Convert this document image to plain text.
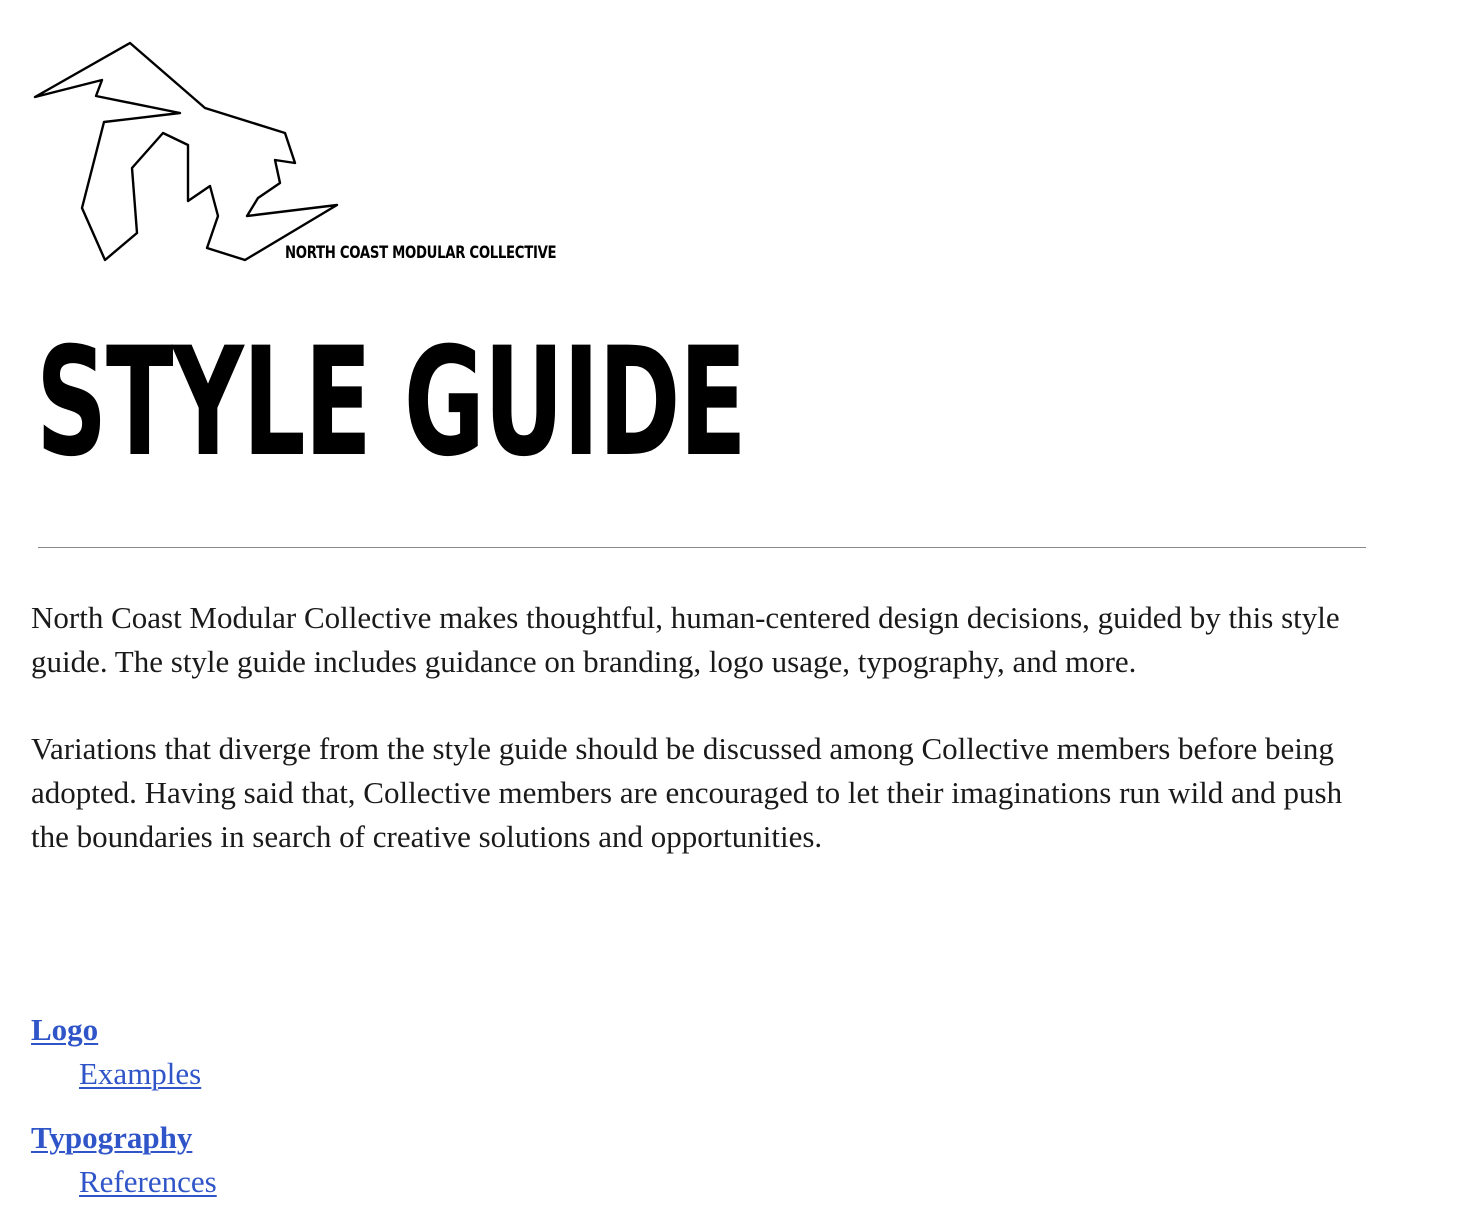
NORTH COAST MODULAR COLLECTIVE
STYLE GUIDE

North Coast Modular Collective makes thoughtful, human-centered design decisions, guided by this style guide. The style guide includes guidance on branding, logo usage, typography, and more.

Variations that diverge from the style guide should be discussed among Collective members before being adopted. Having said that, Collective members are encouraged to let their imaginations run wild and push the boundaries in search of creative solutions and opportunities.

Logo
Examples
Typography
References
